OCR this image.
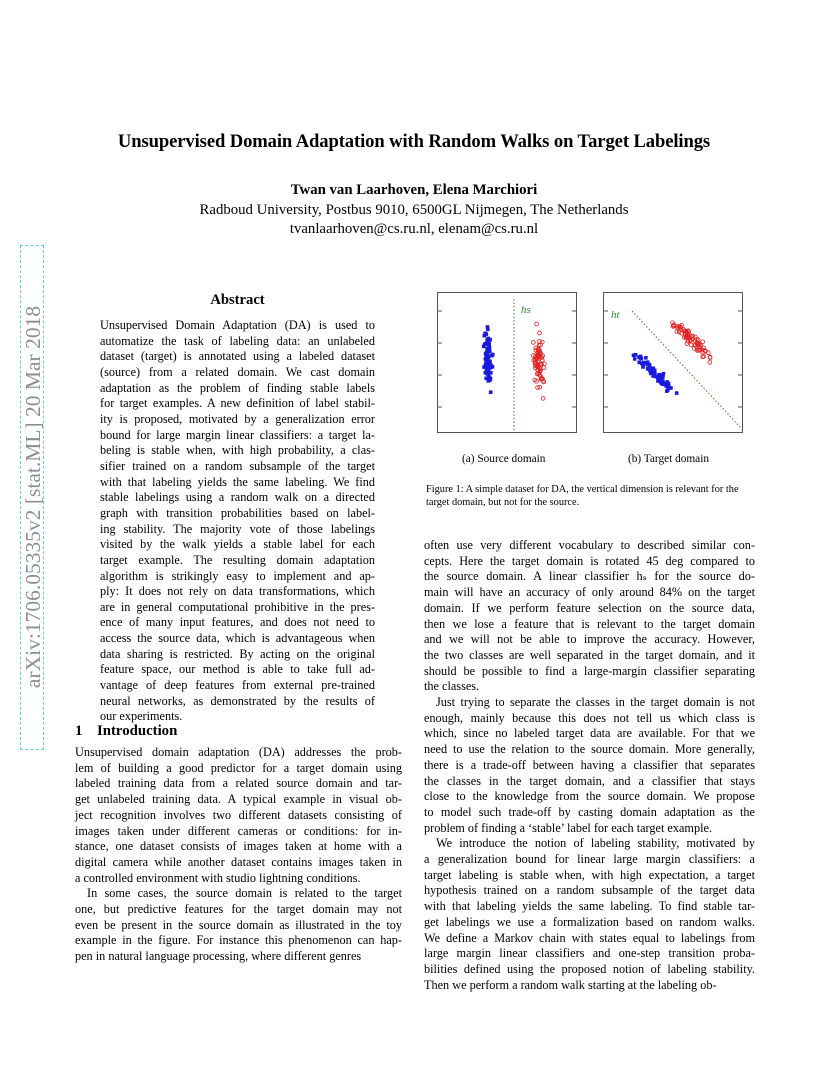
Unsupervised Domain Adaptation with Random Walks on Target Labelings
Twan van Laarhoven, Elena Marchiori
Radboud University, Postbus 9010, 6500GL Nijmegen, The Netherlands
tvanlaarhoven@cs.ru.nl, elenam@cs.ru.nl
arXiv:1706.05335v2 [stat.ML] 20 Mar 2018
Abstract
Unsupervised Domain Adaptation (DA) is used to
automatize the task of labeling data: an unlabeled
dataset (target) is annotated using a labeled dataset
(source) from a related domain. We cast domain
adaptation as the problem of finding stable labels
for target examples. A new definition of label stabil-
ity is proposed, motivated by a generalization error
bound for large margin linear classifiers: a target la-
beling is stable when, with high probability, a clas-
sifier trained on a random subsample of the target
with that labeling yields the same labeling. We find
stable labelings using a random walk on a directed
graph with transition probabilities based on label-
ing stability. The majority vote of those labelings
visited by the walk yields a stable label for each
target example. The resulting domain adaptation
algorithm is strikingly easy to implement and ap-
ply: It does not rely on data transformations, which
are in general computational prohibitive in the pres-
ence of many input features, and does not need to
access the source data, which is advantageous when
data sharing is restricted. By acting on the original
feature space, our method is able to take full ad-
vantage of deep features from external pre-trained
neural networks, as demonstrated by the results of
our experiments.
1 Introduction
Unsupervised domain adaptation (DA) addresses the prob-
lem of building a good predictor for a target domain using
labeled training data from a related source domain and tar-
get unlabeled training data. A typical example in visual ob-
ject recognition involves two different datasets consisting of
images taken under different cameras or conditions: for in-
stance, one dataset consists of images taken at home with a
digital camera while another dataset contains images taken in
a controlled environment with studio lightning conditions.
In some cases, the source domain is related to the target
one, but predictive features for the target domain may not
even be present in the source domain as illustrated in the toy
example in the figure. For instance this phenomenon can hap-
pen in natural language processing, where different genres
hs	ht
(a) Source domain	(b) Target domain
Figure 1: A simple dataset for DA, the vertical dimension is relevant for the target domain, but not for the source.
often use very different vocabulary to described similar con-
cepts. Here the target domain is rotated 45 deg compared to
the source domain. A linear classifier hₛ for the source do-
main will have an accuracy of only around 84% on the target
domain. If we perform feature selection on the source data,
then we lose a feature that is relevant to the target domain
and we will not be able to improve the accuracy. However,
the two classes are well separated in the target domain, and it
should be possible to find a large-margin classifier separating
the classes.
Just trying to separate the classes in the target domain is not
enough, mainly because this does not tell us which class is
which, since no labeled target data are available. For that we
need to use the relation to the source domain. More generally,
there is a trade-off between having a classifier that separates
the classes in the target domain, and a classifier that stays
close to the knowledge from the source domain. We propose
to model such trade-off by casting domain adaptation as the
problem of finding a ‘stable’ label for each target example.
We introduce the notion of labeling stability, motivated by
a generalization bound for linear large margin classifiers: a
target labeling is stable when, with high expectation, a target
hypothesis trained on a random subsample of the target data
with that labeling yields the same labeling. To find stable tar-
get labelings we use a formalization based on random walks.
We define a Markov chain with states equal to labelings from
large margin linear classifiers and one-step transition proba-
bilities defined using the proposed notion of labeling stability.
Then we perform a random walk starting at the labeling ob-
